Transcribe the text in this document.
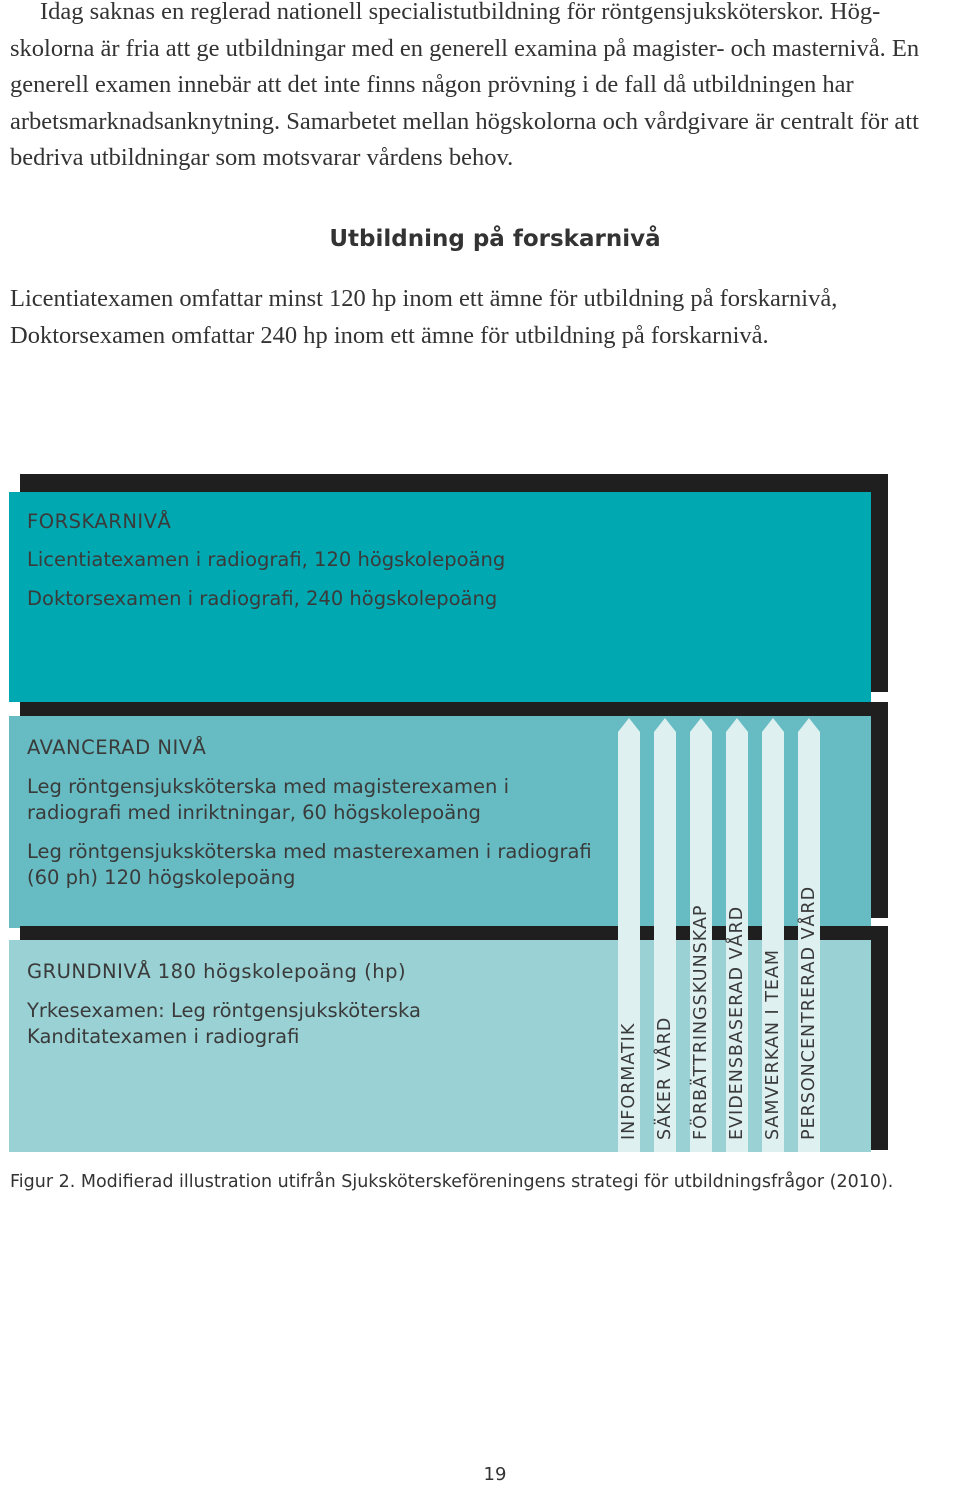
Idag saknas en reglerad nationell specialistutbildning för röntgensjuksköterskor. Hög-
skolorna är fria att ge utbildningar med en generell examina på magister- och masternivå. En generell examen innebär att det inte finns någon prövning i de fall då utbildningen har arbetsmarknadsanknytning. Samarbetet mellan högskolorna och vårdgivare är centralt för att bedriva utbildningar som motsvarar vårdens behov.

Utbildning på forskarnivå

Licentiatexamen omfattar minst 120 hp inom ett ämne för utbildning på forskarnivå, Doktorsexamen omfattar 240 hp inom ett ämne för utbildning på forskarnivå.

FORSKARNIVÅ
Licentiatexamen i radiografi, 120 högskolepoäng
Doktorsexamen i radiografi, 240 högskolepoäng
AVANCERAD NIVÅ
Leg röntgensjuksköterska med magisterexamen i
radiografi med inriktningar, 60 högskolepoäng
Leg röntgensjuksköterska med masterexamen i radiografi
(60 ph) 120 högskolepoäng
GRUNDNIVÅ 180 högskolepoäng (hp)
Yrkesexamen: Leg röntgensjuksköterska
Kanditatexamen i radiografi	INFORMATIK SÄKER VÅRD FÖRBÄTTRINGSKUNSKAP EVIDENSBASERAD VÅRD SAMVERKAN I TEAM PERSONCENTRERAD VÅRD

Figur 2. Modifierad illustration utifrån Sjuksköterskeföreningens strategi för utbildningsfrågor (2010).

19
